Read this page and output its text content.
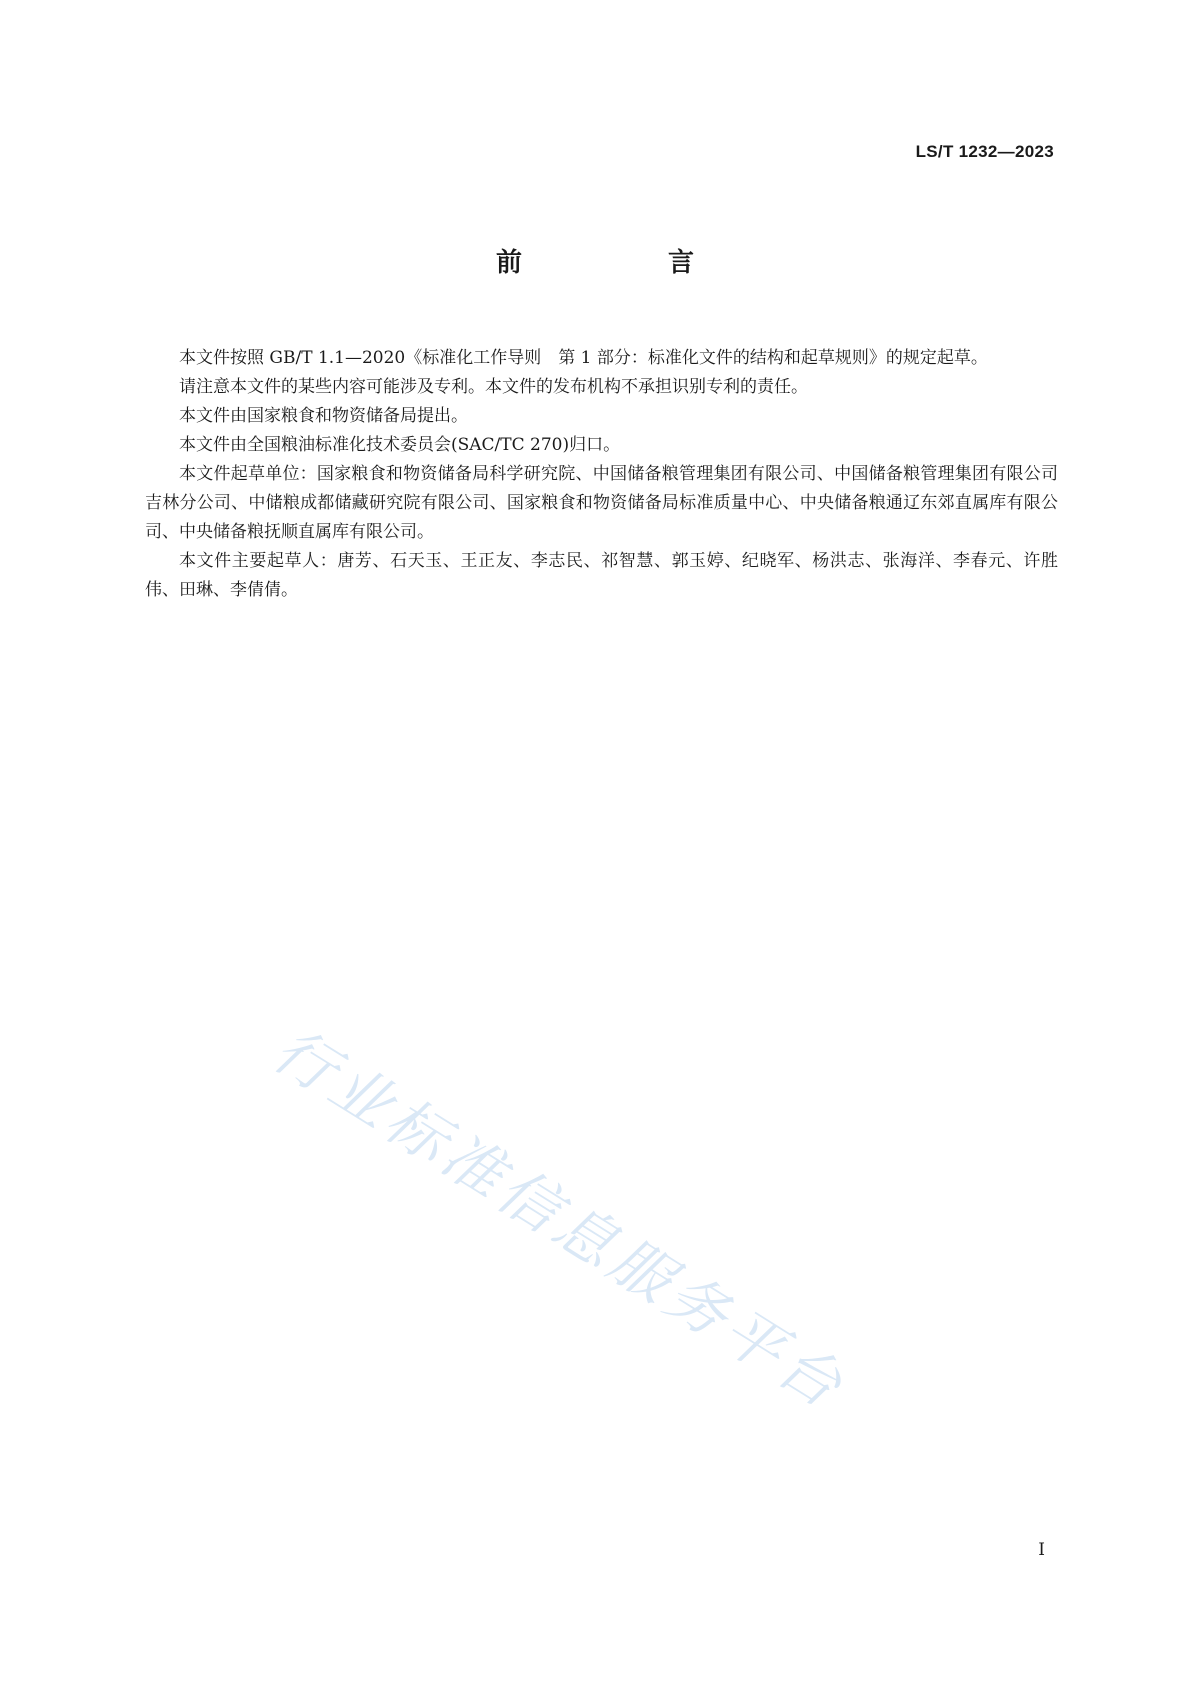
LS/T 1232—2023
前　言

本文件按照 GB/T 1.1—2020《标准化工作导则　第 1 部分：标准化文件的结构和起草规则》的规定起草。

请注意本文件的某些内容可能涉及专利。本文件的发布机构不承担识别专利的责任。

本文件由国家粮食和物资储备局提出。

本文件由全国粮油标准化技术委员会(SAC/TC 270)归口。

本文件起草单位：国家粮食和物资储备局科学研究院、中国储备粮管理集团有限公司、中国储备粮管理集团有限公司吉林分公司、中储粮成都储藏研究院有限公司、国家粮食和物资储备局标准质量中心、中央储备粮通辽东郊直属库有限公司、中央储备粮抚顺直属库有限公司。

本文件主要起草人：唐芳、石天玉、王正友、李志民、祁智慧、郭玉婷、纪晓军、杨洪志、张海洋、李春元、许胜伟、田琳、李倩倩。

行业标准信息服务平台
I
